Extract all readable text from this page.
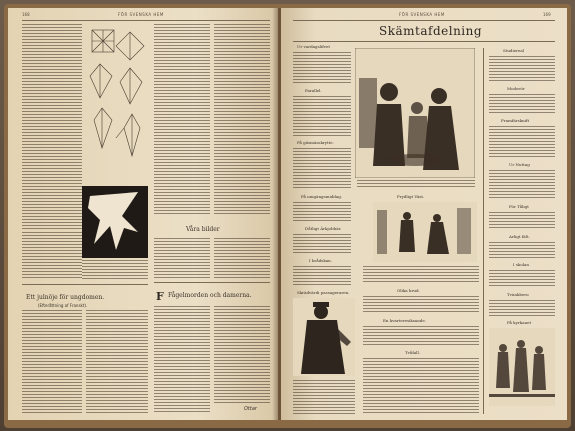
FÖR SVENSKA HEM
168
Ett julnöje för ungdomen.
(Efteråttning af Franskt).
Våra bilder
F Fågelmorden och damerna.
Ottar
FÖR SVENSKA HEM	169
Skämtafdelning
Ur vardagslifvet
Parallel.
På gäsmässkrytte.
På umgängsmiddag.
Dåtligt Ärkjobbär.
I brådskan.
Skrädvärdi passageraren.
Prydligt Väst.
Olika brud.
En kvarteresiksande.
Tvåfall.
Studiereal
Moderör
Framfärsknift
Ur Nuttag
För Tåligt
Arligt fält.
I skolan
Tvänkberu
På kyrkauet
